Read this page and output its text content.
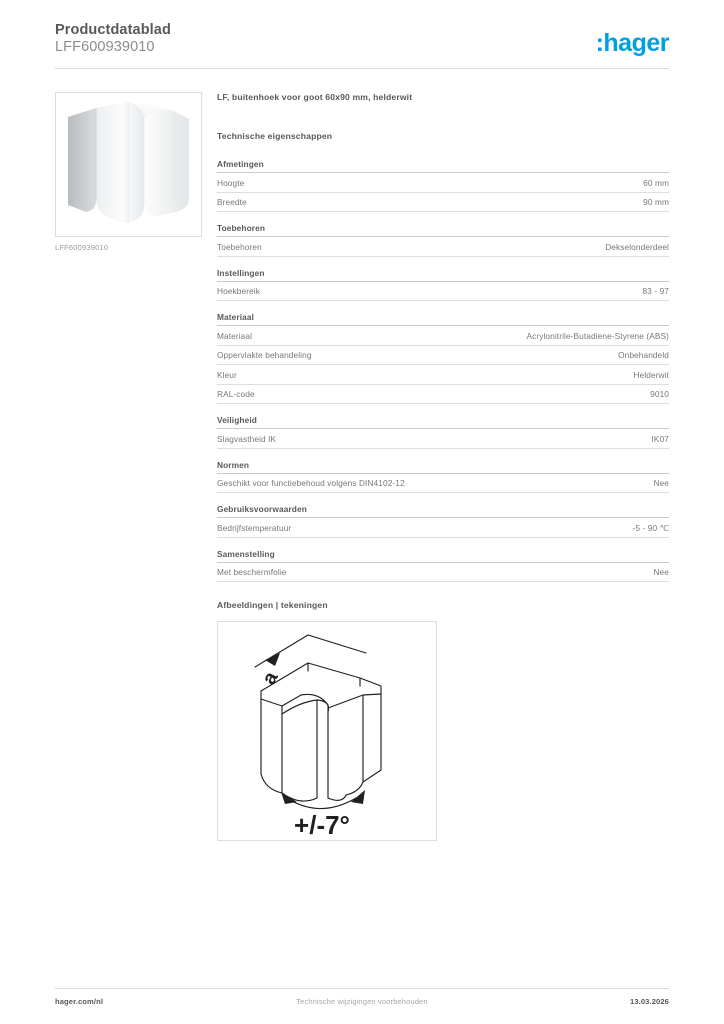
Productdatablad
LFF600939010	:hager
LFF600939010
LF, buitenhoek voor goot 60x90 mm, helderwit
Technische eigenschappen
Afmetingen
Hoogte	60 mm
Breedte	90 mm
Toebehoren
Toebehoren	Dekselonderdeel
Instellingen
Hoekbereik	83 - 97
Materiaal
Materiaal	Acrylonitrile-Butadiene-Styrene (ABS)
Oppervlakte behandeling	Onbehandeld
Kleur	Helderwit
RAL-code	9010
Veiligheid
Slagvastheid IK	IK07
Normen
Geschikt voor functiebehoud volgens DIN4102-12	Nee
Gebruiksvoorwaarden
Bedrijfstemperatuur	-5 - 90 ℃
Samenstelling
Met beschermfolie	Nee
Afbeeldingen | tekeningen
a
+/-7°
hager.com/nl	Technische wijzigingen voorbehouden	13.03.2026
